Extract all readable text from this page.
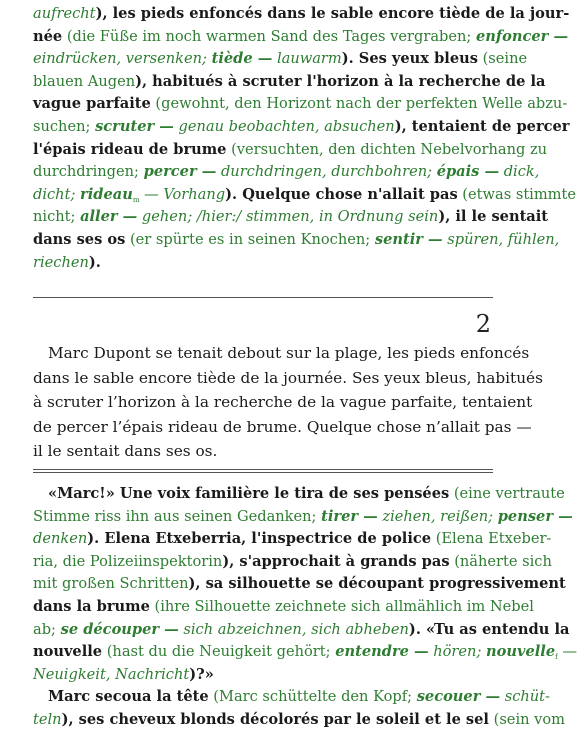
aufrecht), les pieds enfoncés dans le sable encore tiède de la jour-
née (die Füße im noch warmen Sand des Tages vergraben; enfoncer —
eindrücken, versenken; tiède — lauwarm). Ses yeux bleus (seine
blauen Augen), habitués à scruter l'horizon à la recherche de la
vague parfaite (gewohnt, den Horizont nach der perfekten Welle abzu-
suchen; scruter — genau beobachten, absuchen), tentaient de percer
l'épais rideau de brume (versuchten, den dichten Nebelvorhang zu
durchdringen; percer — durchdringen, durchbohren; épais — dick,
dicht; rideau$_m$ — Vorhang). Quelque chose n'allait pas (etwas stimmte
nicht; aller — gehen; /hier:/ stimmen, in Ordnung sein), il le sentait
dans ses os (er spürte es in seinen Knochen; sentir — spüren, fühlen,
riechen).
2
Marc Dupont se tenait debout sur la plage, les pieds enfoncés
dans le sable encore tiède de la journée. Ses yeux bleus, habitués
à scruter l’horizon à la recherche de la vague parfaite, tentaient
de percer l’épais rideau de brume. Quelque chose n’allait pas —
il le sentait dans ses os.
«Marc!» Une voix familière le tira de ses pensées (eine vertraute
Stimme riss ihn aus seinen Gedanken; tirer — ziehen, reißen; penser —
denken). Elena Etxeberria, l'inspectrice de police (Elena Etxeber-
ria, die Polizeiinspektorin), s'approchait à grands pas (näherte sich
mit großen Schritten), sa silhouette se découpant progressivement
dans la brume (ihre Silhouette zeichnete sich allmählich im Nebel
ab; se découper — sich abzeichnen, sich abheben). «Tu as entendu la
nouvelle (hast du die Neuigkeit gehört; entendre — hören; nouvelle$_f$ —
Neuigkeit, Nachricht)?»
Marc secoua la tête (Marc schüttelte den Kopf; secouer — schüt-
teln), ses cheveux blonds décolorés par le soleil et le sel (sein vom
